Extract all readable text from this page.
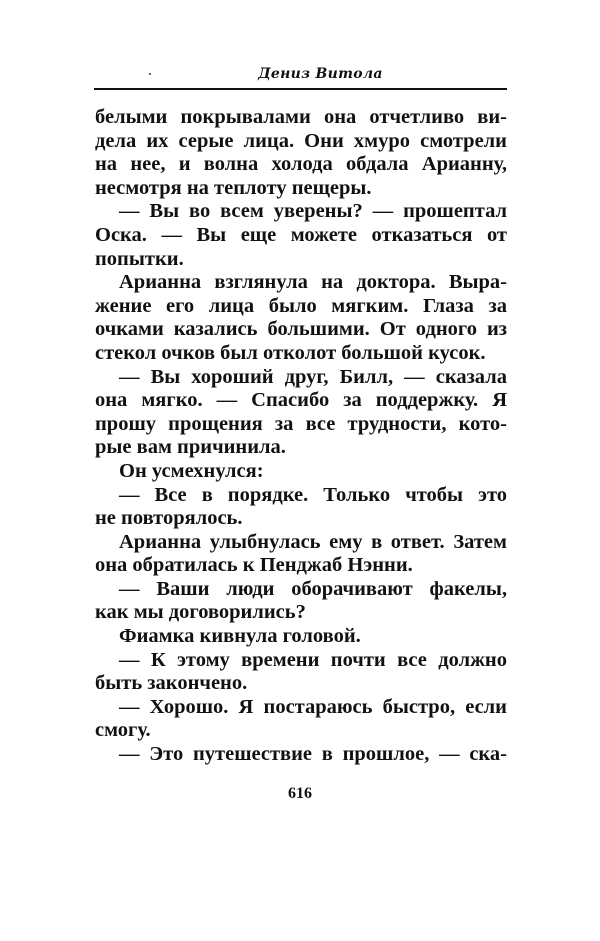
Дениз Витола
белыми покрывалами она отчетливо ви-
дела их серые лица. Они хмуро смотрели
на нее, и волна холода обдала Арианну,
несмотря на теплоту пещеры.
— Вы во всем уверены? — прошептал
Оска. — Вы еще можете отказаться от
попытки.
Арианна взглянула на доктора. Выра-
жение его лица было мягким. Глаза за
очками казались большими. От одного из
стекол очков был отколот большой кусок.
— Вы хороший друг, Билл, — сказала
она мягко. — Спасибо за поддержку. Я
прошу прощения за все трудности, кото-
рые вам причинила.
Он усмехнулся:
— Все в порядке. Только чтобы это
не повторялось.
Арианна улыбнулась ему в ответ. Затем
она обратилась к Пенджаб Нэнни.
— Ваши люди оборачивают факелы,
как мы договорились?
Фиамка кивнула головой.
— К этому времени почти все должно
быть закончено.
— Хорошо. Я постараюсь быстро, если
смогу.
— Это путешествие в прошлое, — ска-
616
